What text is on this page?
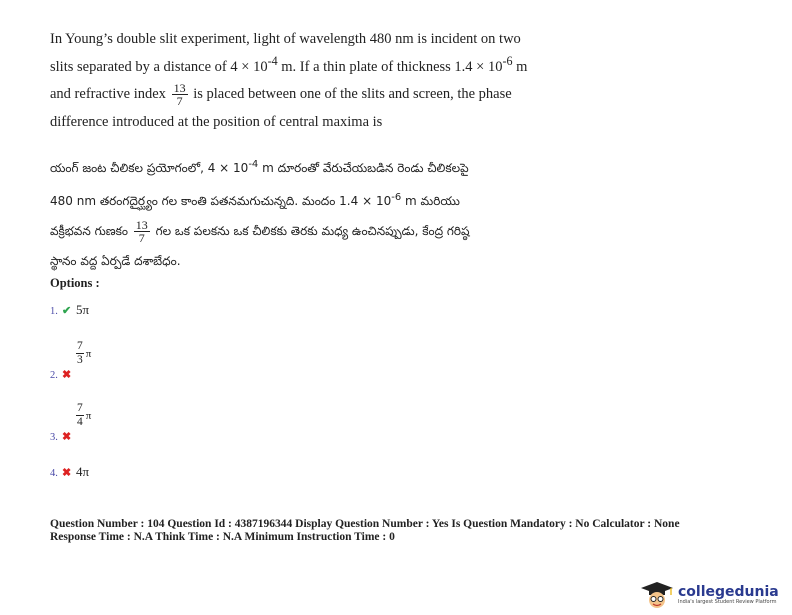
In Young’s double slit experiment, light of wavelength 480 nm is incident on two

slits separated by a distance of $4 \times 10^{-4}$ m. If a thin plate of thickness $1.4 \times 10^{-6}$ m

and refractive index $\frac{13}{7}$ is placed between one of the slits and screen, the phase

difference introduced at the position of central maxima is

యంగ్ జంట చీలికల ప్రయోగంలో, $4 \times 10^{-4}$ m దూరంతో వేరుచేయబడిన రెండు చీలికలపై

480 nm తరంగదైర్ఘ్యం గల కాంతి పతనమగుచున్నది. మందం $1.4 \times 10^{-6}$ m మరియు

వక్రీభవన గుణకం $\frac{13}{7}$ గల ఒక పలకను ఒక చీలికకు తెరకు మధ్య ఉంచినప్పుడు, కేంద్ర గరిష్ఠ

స్థానం వద్ద ఏర్పడే దశాబేధం.

Options :
1. ✔ 5π
2. ✖
$\frac{7}{3}$ π
3. ✖
$\frac{7}{4}$ π
4. ✖ 4π
Question Number : 104 Question Id : 4387196344 Display Question Number : Yes Is Question Mandatory : No Calculator : None
Response Time : N.A Think Time : N.A Minimum Instruction Time : 0
collegedunia
India's largest Student Review Platform
